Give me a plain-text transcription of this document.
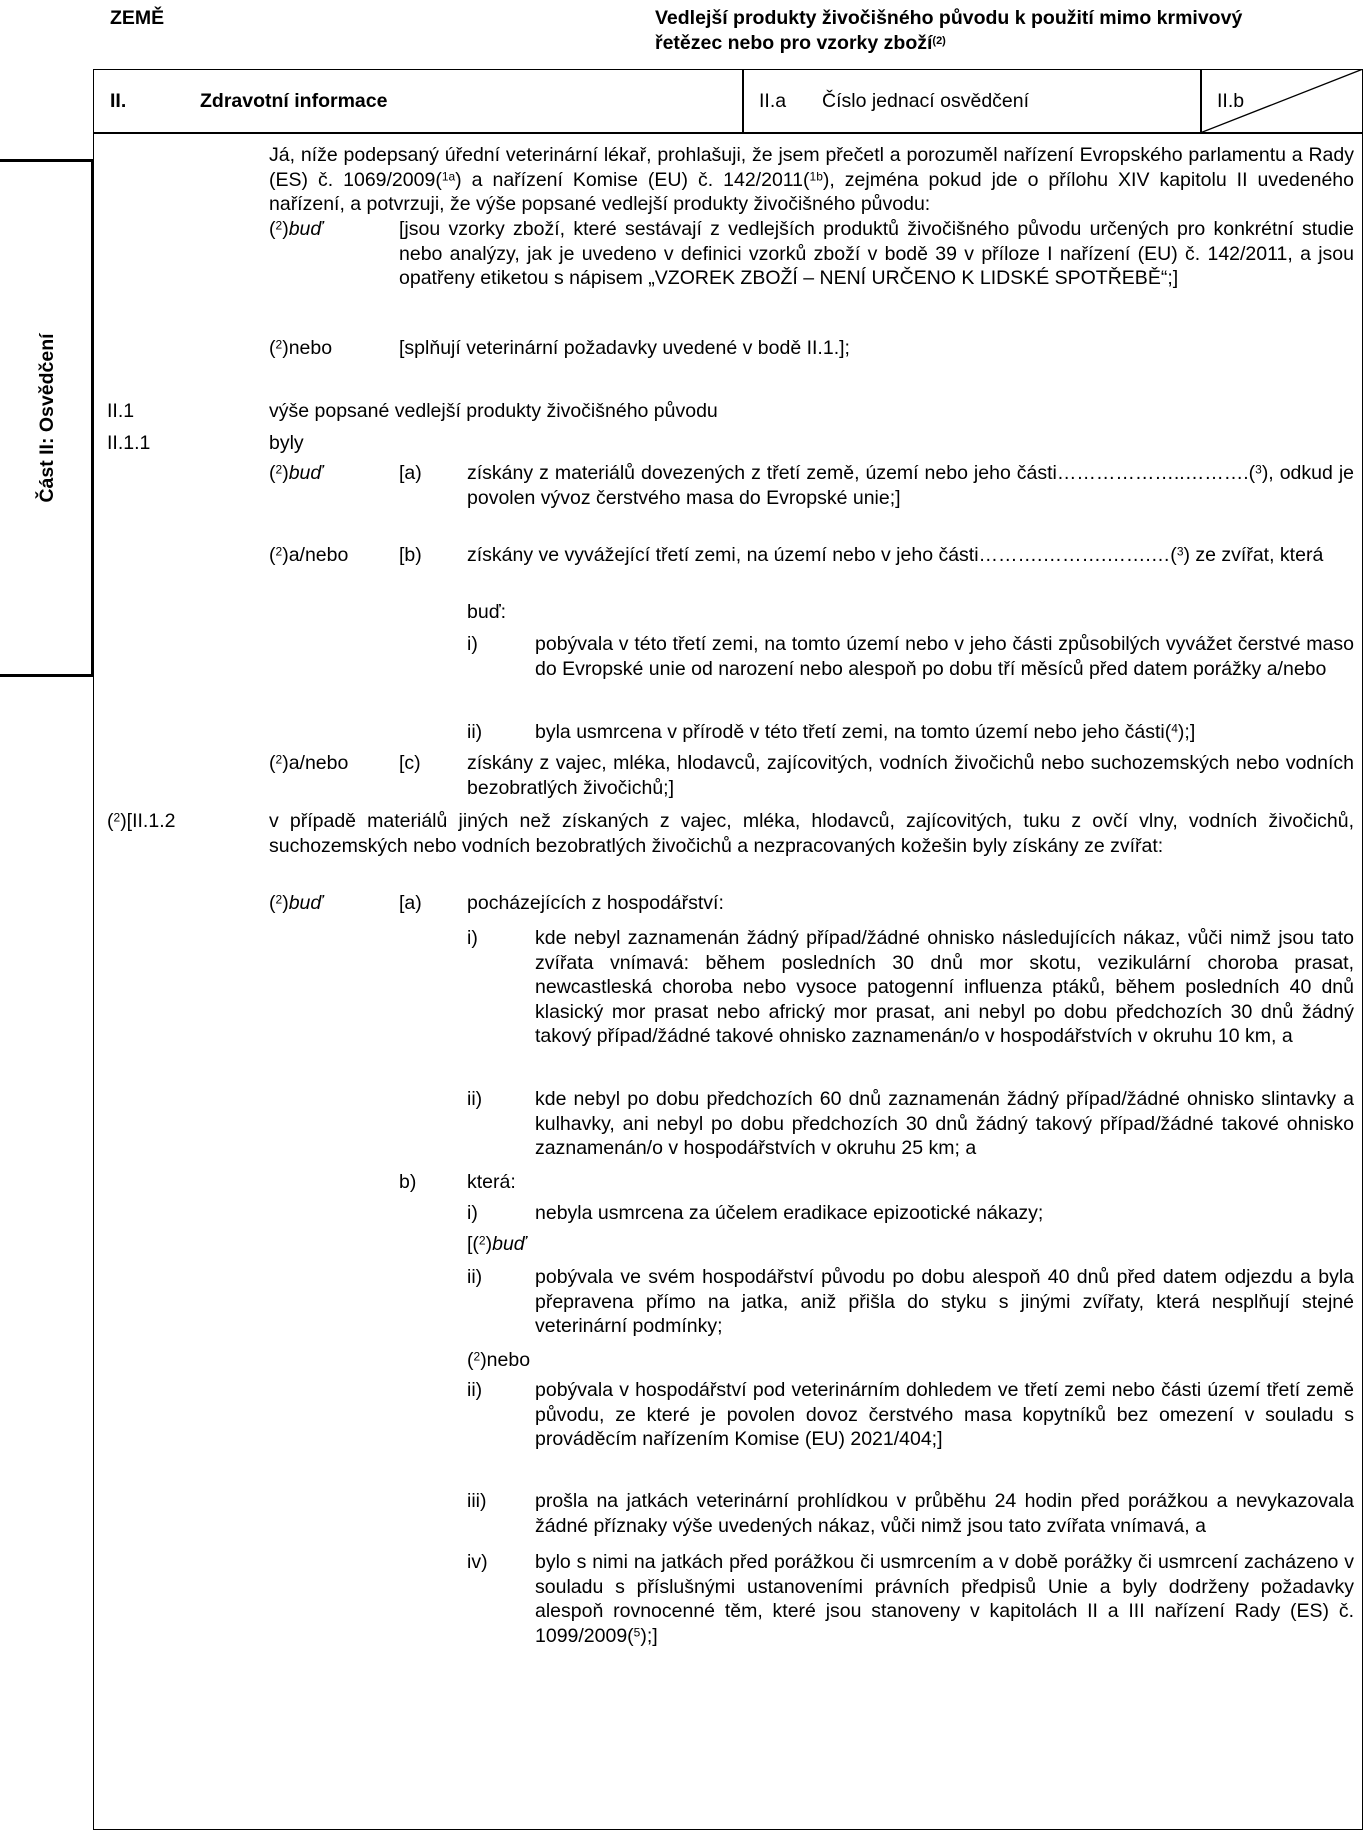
ZEMĚ	Vedlejší produkty živočišného původu k použití mimo krmivový
řetězec nebo pro vzorky zboží$^{(2)}$
II.	Zdravotní informace	II.a Číslo jednací osvědčení	II.b
Část II: Osvědčení
Já, níže podepsaný úřední veterinární lékař, prohlašuji, že jsem přečetl a porozuměl nařízení Evropského parlamentu a Rady (ES) č. 1069/2009($^{1a}$) a nařízení Komise (EU) č. 142/2011($^{1b}$), zejména pokud jde o přílohu XIV kapitolu II uvedeného nařízení, a potvrzuji, že výše popsané vedlejší produkty živočišného původu:
($^2$)buď	[jsou vzorky zboží, které sestávají z vedlejších produktů živočišného původu určených pro konkrétní studie nebo analýzy, jak je uvedeno v definici vzorků zboží v bodě 39 v příloze I nařízení (EU) č. 142/2011, a jsou opatřeny etiketou s nápisem „VZOREK ZBOŽÍ – NENÍ URČENO K LIDSKÉ SPOTŘEBĚ“;]
($^2$)nebo	[splňují veterinární požadavky uvedené v bodě II.1.];
II.1	výše popsané vedlejší produkty živočišného původu
II.1.1	byly
($^2$)buď	[a) získány z materiálů dovezených z třetí země, území nebo jeho části………………..……….($^3$), odkud je povolen vývoz čerstvého masa do Evropské unie;]
($^2$)a/nebo	[b) získány ve vyvážející třetí zemi, na území nebo v jeho části……….……….…….…($^3$) ze zvířat, která
buď:
i)	pobývala v této třetí zemi, na tomto území nebo v jeho části způsobilých vyvážet čerstvé maso do Evropské unie od narození nebo alespoň po dobu tří měsíců před datem porážky a/nebo
ii)	byla usmrcena v přírodě v této třetí zemi, na tomto území nebo jeho části($^4$);]
($^2$)a/nebo	[c) získány z vajec, mléka, hlodavců, zajícovitých, vodních živočichů nebo suchozemských nebo vodních bezobratlých živočichů;]
($^2$)[II.1.2	v případě materiálů jiných než získaných z vajec, mléka, hlodavců, zajícovitých, tuku z ovčí vlny, vodních živočichů, suchozemských nebo vodních bezobratlých živočichů a nezpracovaných kožešin byly získány ze zvířat:
($^2$)buď	[a) pocházejících z hospodářství:
i)	kde nebyl zaznamenán žádný případ/žádné ohnisko následujících nákaz, vůči nimž jsou tato zvířata vnímavá: během posledních 30 dnů mor skotu, vezikulární choroba prasat, newcastleská choroba nebo vysoce patogenní influenza ptáků, během posledních 40 dnů klasický mor prasat nebo africký mor prasat, ani nebyl po dobu předchozích 30 dnů žádný takový případ/žádné takové ohnisko zaznamenán/o v hospodářstvích v okruhu 10 km, a
ii)	kde nebyl po dobu předchozích 60 dnů zaznamenán žádný případ/žádné ohnisko slintavky a kulhavky, ani nebyl po dobu předchozích 30 dnů žádný takový případ/žádné takové ohnisko zaznamenán/o v hospodářstvích v okruhu 25 km; a
b)	která:
i)	nebyla usmrcena za účelem eradikace epizootické nákazy;
[($^2$)buď
ii)	pobývala ve svém hospodářství původu po dobu alespoň 40 dnů před datem odjezdu a byla přepravena přímo na jatka, aniž přišla do styku s jinými zvířaty, která nesplňují stejné veterinární podmínky;
($^2$)nebo
ii)	pobývala v hospodářství pod veterinárním dohledem ve třetí zemi nebo části území třetí země původu, ze které je povolen dovoz čerstvého masa kopytníků bez omezení v souladu s prováděcím nařízením Komise (EU) 2021/404;]
iii) prošla na jatkách veterinární prohlídkou v průběhu 24 hodin před porážkou a nevykazovala žádné příznaky výše uvedených nákaz, vůči nimž jsou tato zvířata vnímavá, a
iv) bylo s nimi na jatkách před porážkou či usmrcením a v době porážky či usmrcení zacházeno v souladu s příslušnými ustanoveními právních předpisů Unie a byly dodrženy požadavky alespoň rovnocenné těm, které jsou stanoveny v kapitolách II a III nařízení Rady (ES) č. 1099/2009($^5$);]
